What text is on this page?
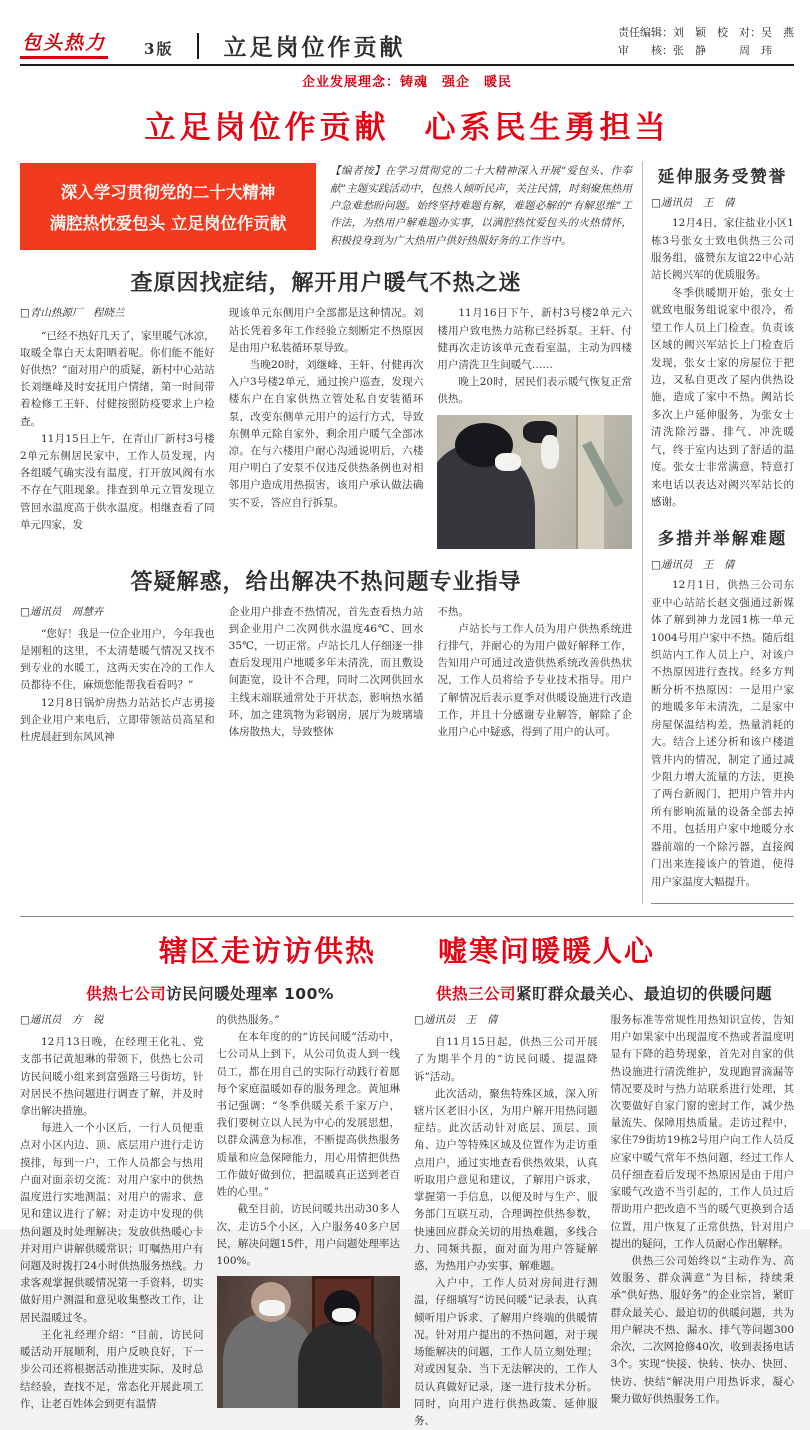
包头热力	3版 立足岗位作贡献
责任编辑：刘　颖　校　对：吴　燕
审　　核：张　静　　　周　玮
企业发展理念：铸魂　强企　暖民
立足岗位作贡献　心系民生勇担当
深入学习贯彻党的二十大精神
满腔热忱爱包头 立足岗位作贡献
【编者按】在学习贯彻党的二十大精神深入开展“爱包头、作奉献”主题实践活动中，包热人倾听民声，关注民情，时刻聚焦热用户急难愁盼问题。始终坚持难题有解，难题必解的“有解思维”工作法，为热用户解难题办实事，以满腔热忱爱包头的火热情怀，积极投身到为广大热用户供好热服好务的工作当中。
查原因找症结，解开用户暖气不热之迷
□青山热源厂　程晓兰

“已经不热好几天了，家里暖气冰凉，取暖全靠白天太阳晒着呢。你们能不能好好供热？”面对用户的质疑，新村中心站站长刘继峰及时安抚用户情绪，第一时间带着检修工王轩、付健按照防疫要求上户检查。

11月15日上午，在青山厂新村3号楼2单元东侧居民家中，工作人员发现，内各组暖气确实没有温度，打开放风阀有水不存在气阻现象。排查到单元立管发现立管回水温度高于供水温度。相继查看了同单元四家，发

现该单元东侧用户全部都是这种情况。刘站长凭着多年工作经验立刻断定不热原因是由用户私装循环泵导致。

当晚20时，刘继峰、王轩、付健再次入户3号楼2单元，通过挨户巡查，发现六楼东户在自家供热立管处私自安装循环泵，改变东侧单元用户的运行方式，导致东侧单元除自家外，剩余用户暖气全部冰凉。在与六楼用户耐心沟通说明后，六楼用户明白了安泵不仅违反供热条例也对相邻用户造成用热损害，该用户承认做法确实不妥，答应自行拆泵。

11月16日下午，新村3号楼2单元六楼用户致电热力站称已经拆泵。王轩、付健再次走访该单元查看室温，主动为四楼用户清洗卫生间暖气……

晚上20时，居民们表示暖气恢复正常供热。

答疑解惑，给出解决不热问题专业指导
□通讯员　周慧卉

“您好！我是一位企业用户，今年我也是刚租的这里，不太清楚暖气情况又找不到专业的水暖工，这两天实在冷的工作人员都待不住，麻烦您能帮我看看吗？”

12月8日锅炉房热力站站长卢志勇接到企业用户来电后，立即带领站员高星和杜虎晨赶到东风风神

企业用户排查不热情况，首先查看热力站到企业用户二次网供水温度46℃、回水35℃，一切正常。卢站长几人仔细逐一排查后发现用户地暖多年未清洗，而且敷设间距宽，设计不合理，同时二次网供回水主线末端联通常处于开状态，影响热水循环，加之建筑物为彩钢房，展厅为玻璃墙体房散热大，导致整体

不热。

卢站长与工作人员为用户供热系统进行排气，并耐心的为用户做好解释工作，告知用户可通过改造供热系统改善供热状况，工作人员将给予专业技术指导。用户了解情况后表示夏季对供暖设施进行改造工作，并且十分感谢专业解答，解除了企业用户心中疑惑，得到了用户的认可。

延伸服务受赞誉
□通讯员　王　倩

12月4日，家住盐业小区1栋3号张女士致电供热三公司服务组，盛赞东友谊22中心站站长阙兴军的优质服务。

冬季供暖期开始，张女士就致电服务组说家中很冷，希望工作人员上门检查。负责该区域的阙兴军站长上门检查后发现，张女士家的房屋位于把边，又私自更改了屋内供热设施，造成了家中不热。阙站长多次上户延伸服务，为张女士清洗除污器、排气、冲洗暖气，终于室内达到了舒适的温度。张女士非常满意，特意打来电话以表达对阙兴军站长的感谢。

多措并举解难题
□通讯员　王　倩

12月1日，供热三公司东亚中心站站长赵文强通过新媒体了解到神力龙园1栋一单元1004号用户家中不热。随后组织站内工作人员上户，对该户不热原因进行查找。经多方判断分析不热原因：一是用户家的地暖多年未清洗，二是家中房屋保温结构差，热量消耗的大。结合上述分析和该户楼道管井内的情况，制定了通过减少阻力增大流量的方法，更换了两台新阀门，把用户管井内所有影响流量的设备全部去掉不用，包括用户家中地暖分水器前端的一个除污器，直接阀门出来连接该户的管道，使得用户家温度大幅提升。

辖区走访访供热　　嘘寒问暖暖人心
供热七公司访民问暖处理率 100%
□通讯员　方　锐

12月13日晚，在经理王化礼、党支部书记黄旭琳的带领下，供热七公司访民问暖小组来到富强路三号街坊，针对居民不热问题进行调查了解，并及时拿出解决措施。

每进入一个小区后，一行人员便重点对小区内边、顶、底层用户进行走访摸排，每到一户，工作人员都会与热用户面对面亲切交流：对用户家中的供热温度进行实地测温；对用户的需求、意见和建议进行了解；对走访中发现的供热问题及时处理解决；发放供热暖心卡并对用户讲解供暖常识；叮嘱热用户有问题及时拨打24小时供热服务热线。力求客观掌握供暖情况第一手资料，切实做好用户测温和意见收集整改工作，让居民温暖过冬。

王化礼经理介绍：“目前，访民问暖活动开展顺利，用户反映良好，下一步公司还将根据活动推进实际，及时总结经验，查找不足，常态化开展此项工作，让老百姓体会到更有温情

的供热服务。”

在本年度的的“访民问暖”活动中，七公司从上到下，从公司负责人到一线员工，都在用自己的实际行动践行着愿每个家庭温暖如春的服务理念。黄旭琳书记强调：“冬季供暖关系千家万户，我们要树立以人民为中心的发展思想，以群众满意为标准，不断提高供热服务质量和应急保障能力，用心用情把供热工作做好做到位，把温暖真正送到老百姓的心里。”

截至目前，访民问暖共出动30多人次，走访5个小区，入户服务40多户居民，解决问题15件，用户问题处理率达100%。

供热三公司紧盯群众最关心、最迫切的供暖问题
□通讯员　王　倩

自11月15日起，供热三公司开展了为期半个月的“访民问暖、提温降诉”活动。

此次活动，聚焦特殊区域，深入所辖片区老旧小区，为用户解开用热问题症结。此次活动针对底层、顶层、顶角、边户等特殊区域及位置作为走访重点用户，通过实地查看供热效果，认真听取用户意见和建议，了解用户诉求，掌握第一手信息，以便及时与生产、服务部门互联互动，合理调控供热参数，快速回应群众关切的用热难题，多线合力、同频共振，面对面为用户答疑解惑，为热用户办实事、解难题。

入户中，工作人员对房间进行测温，仔细填写“访民问暖”记录表，认真倾听用户诉求、了解用户终端的供暖情况。针对用户提出的不热问题，对于现场能解决的问题，工作人员立刻处理；对或因复杂、当下无法解决的，工作人员认真做好记录，逐一进行技术分析。同时，向用户进行供热政策、延伸服务、

服务标准等常规性用热知识宣传，告知用户如果家中出现温度不热或者温度明显有下降的趋势现象，首先对自家的供热设施进行清洗维护，发现跑冒滴漏等情况要及时与热力站联系进行处理，其次要做好自家门窗的密封工作，减少热量流失、保障用热质量。走访过程中，家住79街坊19栋2号用户向工作人员反应家中暖气常年不热问题，经过工作人员仔细查看后发现不热原因是由于用户家暖气改造不当引起的，工作人员过后帮助用户把改造不当的暖气更换到合适位置，用户恢复了正常供热，针对用户提出的疑问，工作人员耐心作出解释。

供热三公司始终以“主动作为、高效服务、群众满意”为目标，持续秉承“供好热、服好务”的企业宗旨，紧盯群众最关心、最迫切的供暖问题，共为用户解决不热、漏水、排气等问题300余次，二次网抢修40次，收到表扬电话3个。实现“快接、快转、快办、快回、快访、快结”解决用户用热诉求，凝心聚力做好供热服务工作。
